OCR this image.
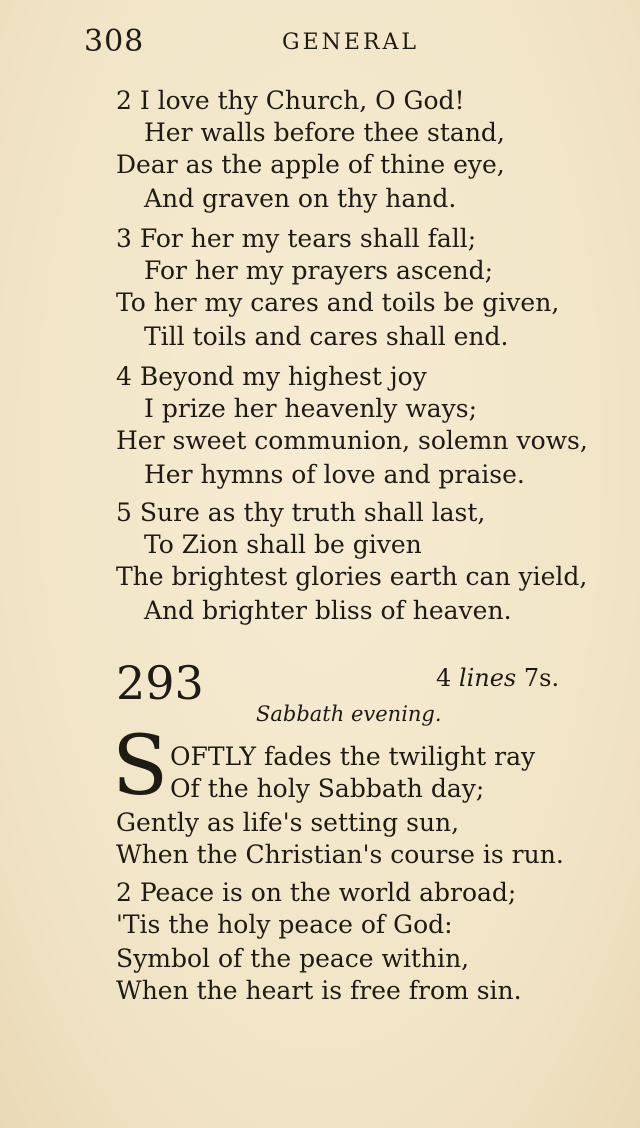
308	GENERAL
2 I love thy Church, O God!
Her walls before thee stand,
Dear as the apple of thine eye,
And graven on thy hand.
3 For her my tears shall fall;
For her my prayers ascend;
To her my cares and toils be given,
Till toils and cares shall end.
4 Beyond my highest joy
I prize her heavenly ways;
Her sweet communion, solemn vows,
Her hymns of love and praise.
5 Sure as thy truth shall last,
To Zion shall be given
The brightest glories earth can yield,
And brighter bliss of heaven.
293	4 lines 7s.
Sabbath evening.
S OFTLY fades the twilight ray
Of the holy Sabbath day;
Gently as life's setting sun,
When the Christian's course is run.
2 Peace is on the world abroad;
'Tis the holy peace of God:
Symbol of the peace within,
When the heart is free from sin.
